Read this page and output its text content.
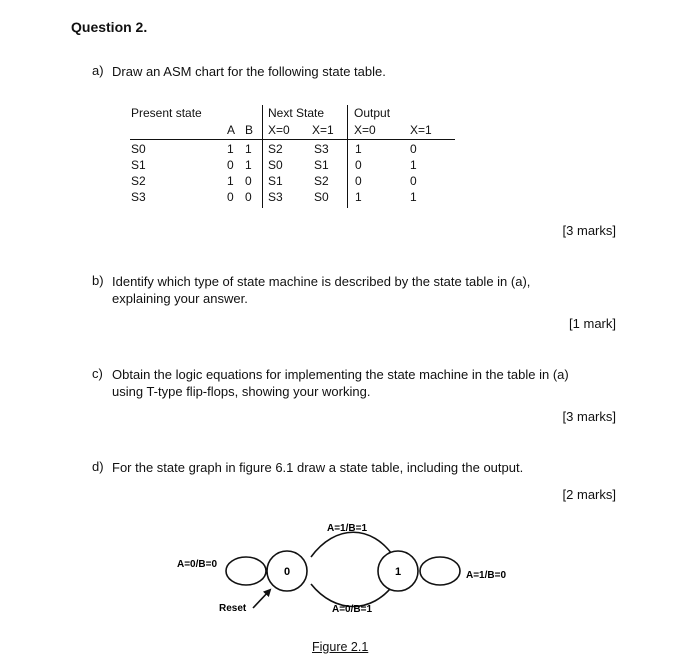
Question 2.
a) Draw an ASM chart for the following state table.
Present state	Next State Output
A B X=0 X=1 X=0	X=1
S0	1 1 S2	S3 1	0
S1	0 1 S0	S1 0	1
S2	1 0 S1	S2 0	0
S3	0 0 S3	S0 1	1
[3 marks]
b) Identify which type of state machine is described by the state table in (a),
explaining your answer.
[1 mark]
c) Obtain the logic equations for implementing the state machine in the table in (a)
using T-type flip-flops, showing your working.
[3 marks]
d) For the state graph in figure 6.1 draw a state table, including the output.
[2 marks]
0	1
Reset
A=1/B=1
A=0/B=1
A=0/B=0
A=1/B=0
Figure 2.1
